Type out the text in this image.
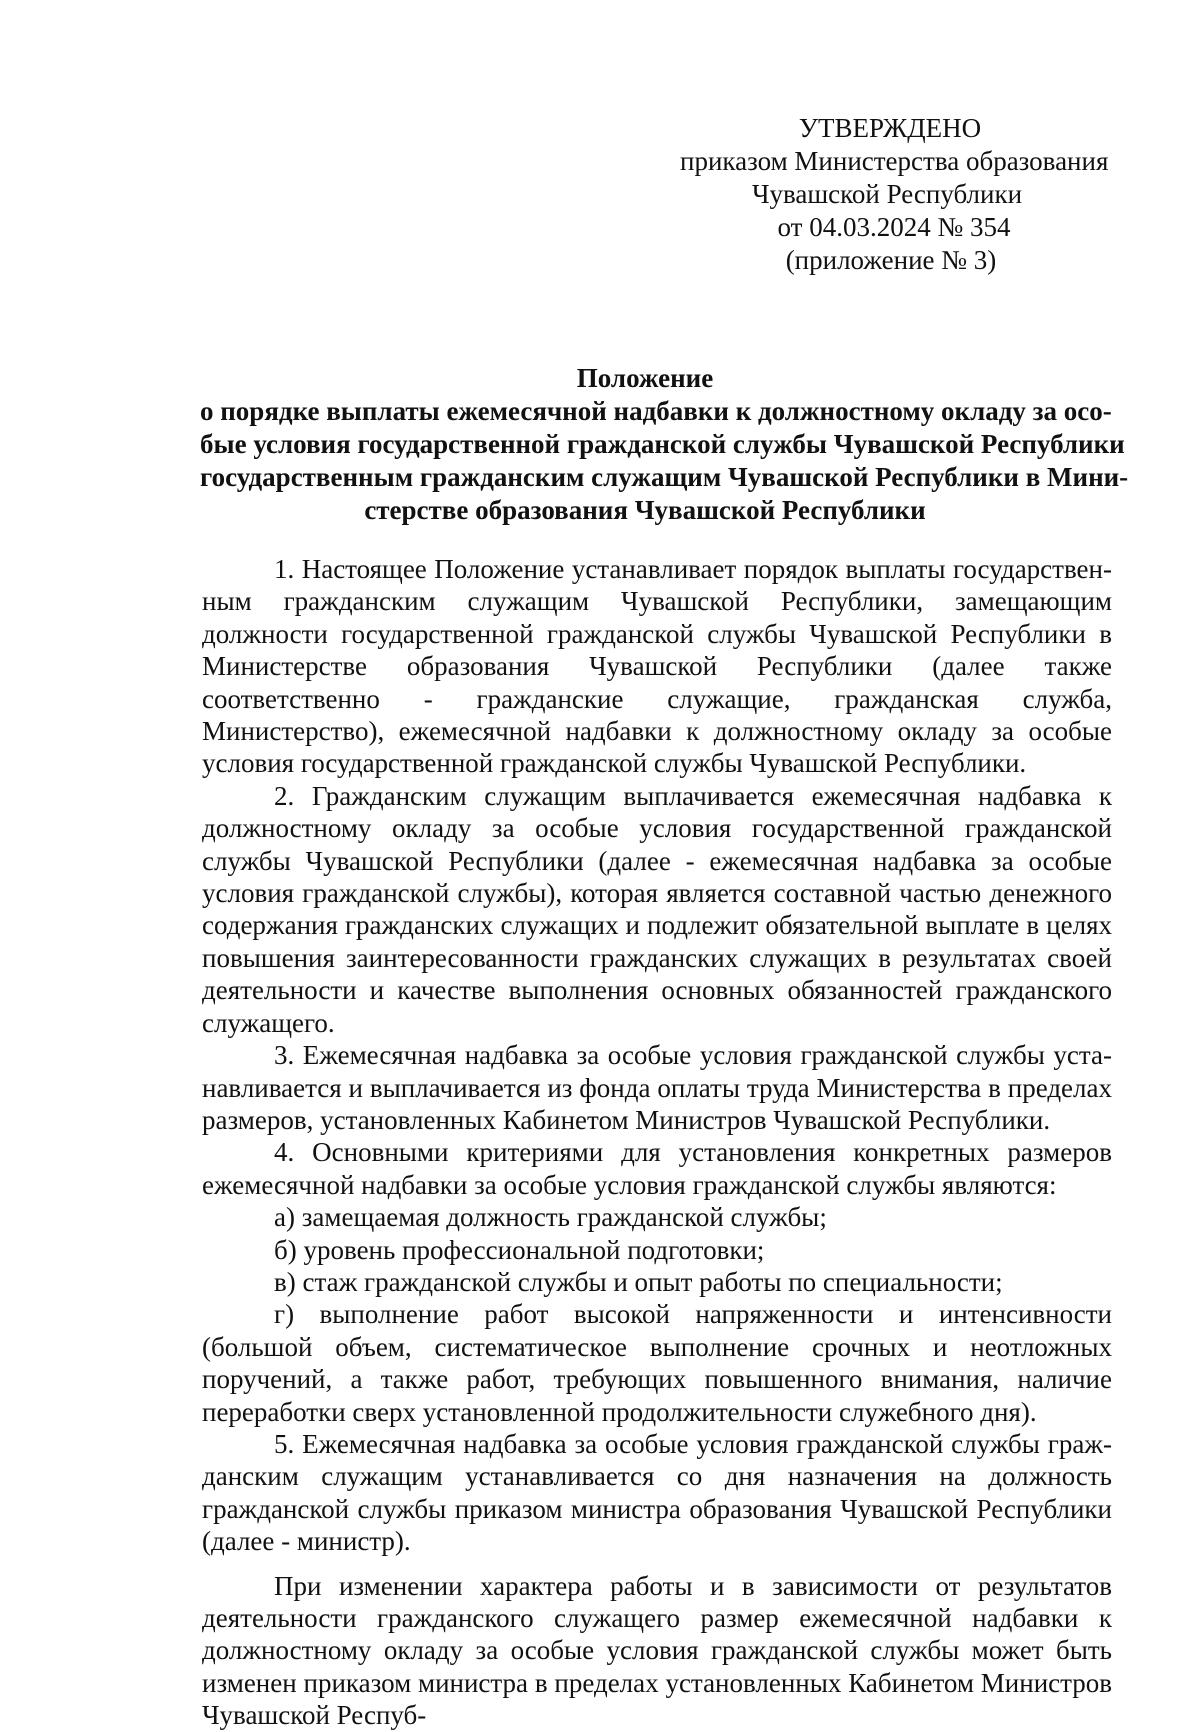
УТВЕРЖДЕНО
приказом Министерства образования
Чувашской Республики
от 04.03.2024 № 354
(приложение № 3)
Положение
о порядке выплаты ежемесячной надбавки к должностному окладу за осо-
бые условия государственной гражданской службы Чувашской Республики
государственным гражданским служащим Чувашской Республики в Мини-
стерстве образования Чувашской Республики

1. Настоящее Положение устанавливает порядок выплаты государственным гражданским служащим Чувашской Республики, замещающим должности государственной гражданской службы Чувашской Республики в Министерстве образования Чувашской Республики (далее также соответственно - гражданские служащие, гражданская служба, Министерство), ежемесячной надбавки к должностному окладу за особые условия государственной гражданской службы Чувашской Республики.

2. Гражданским служащим выплачивается ежемесячная надбавка к должностному окладу за особые условия государственной гражданской службы Чувашской Республики (далее - ежемесячная надбавка за особые условия гражданской службы), которая является составной частью денежного содержания гражданских служащих и подлежит обязательной выплате в целях повышения заинтересованности гражданских служащих в результатах своей деятельности и качестве выполнения основных обязанностей гражданского служащего.

3. Ежемесячная надбавка за особые условия гражданской службы устанавливается и выплачивается из фонда оплаты труда Министерства в пределах размеров, установленных Кабинетом Министров Чувашской Республики.

4. Основными критериями для установления конкретных размеров ежемесячной надбавки за особые условия гражданской службы являются:

а) замещаемая должность гражданской службы;

б) уровень профессиональной подготовки;

в) стаж гражданской службы и опыт работы по специальности;

г) выполнение работ высокой напряженности и интенсивности (большой объем, систематическое выполнение срочных и неотложных поручений, а также работ, требующих повышенного внимания, наличие переработки сверх установленной продолжительности служебного дня).

5. Ежемесячная надбавка за особые условия гражданской службы гражданским служащим устанавливается со дня назначения на должность гражданской службы приказом министра образования Чувашской Республики (далее - министр).

При изменении характера работы и в зависимости от результатов деятельности гражданского служащего размер ежемесячной надбавки к должностному окладу за особые условия гражданской службы может быть изменен приказом министра в пределах установленных Кабинетом Министров Чувашской Респуб-
